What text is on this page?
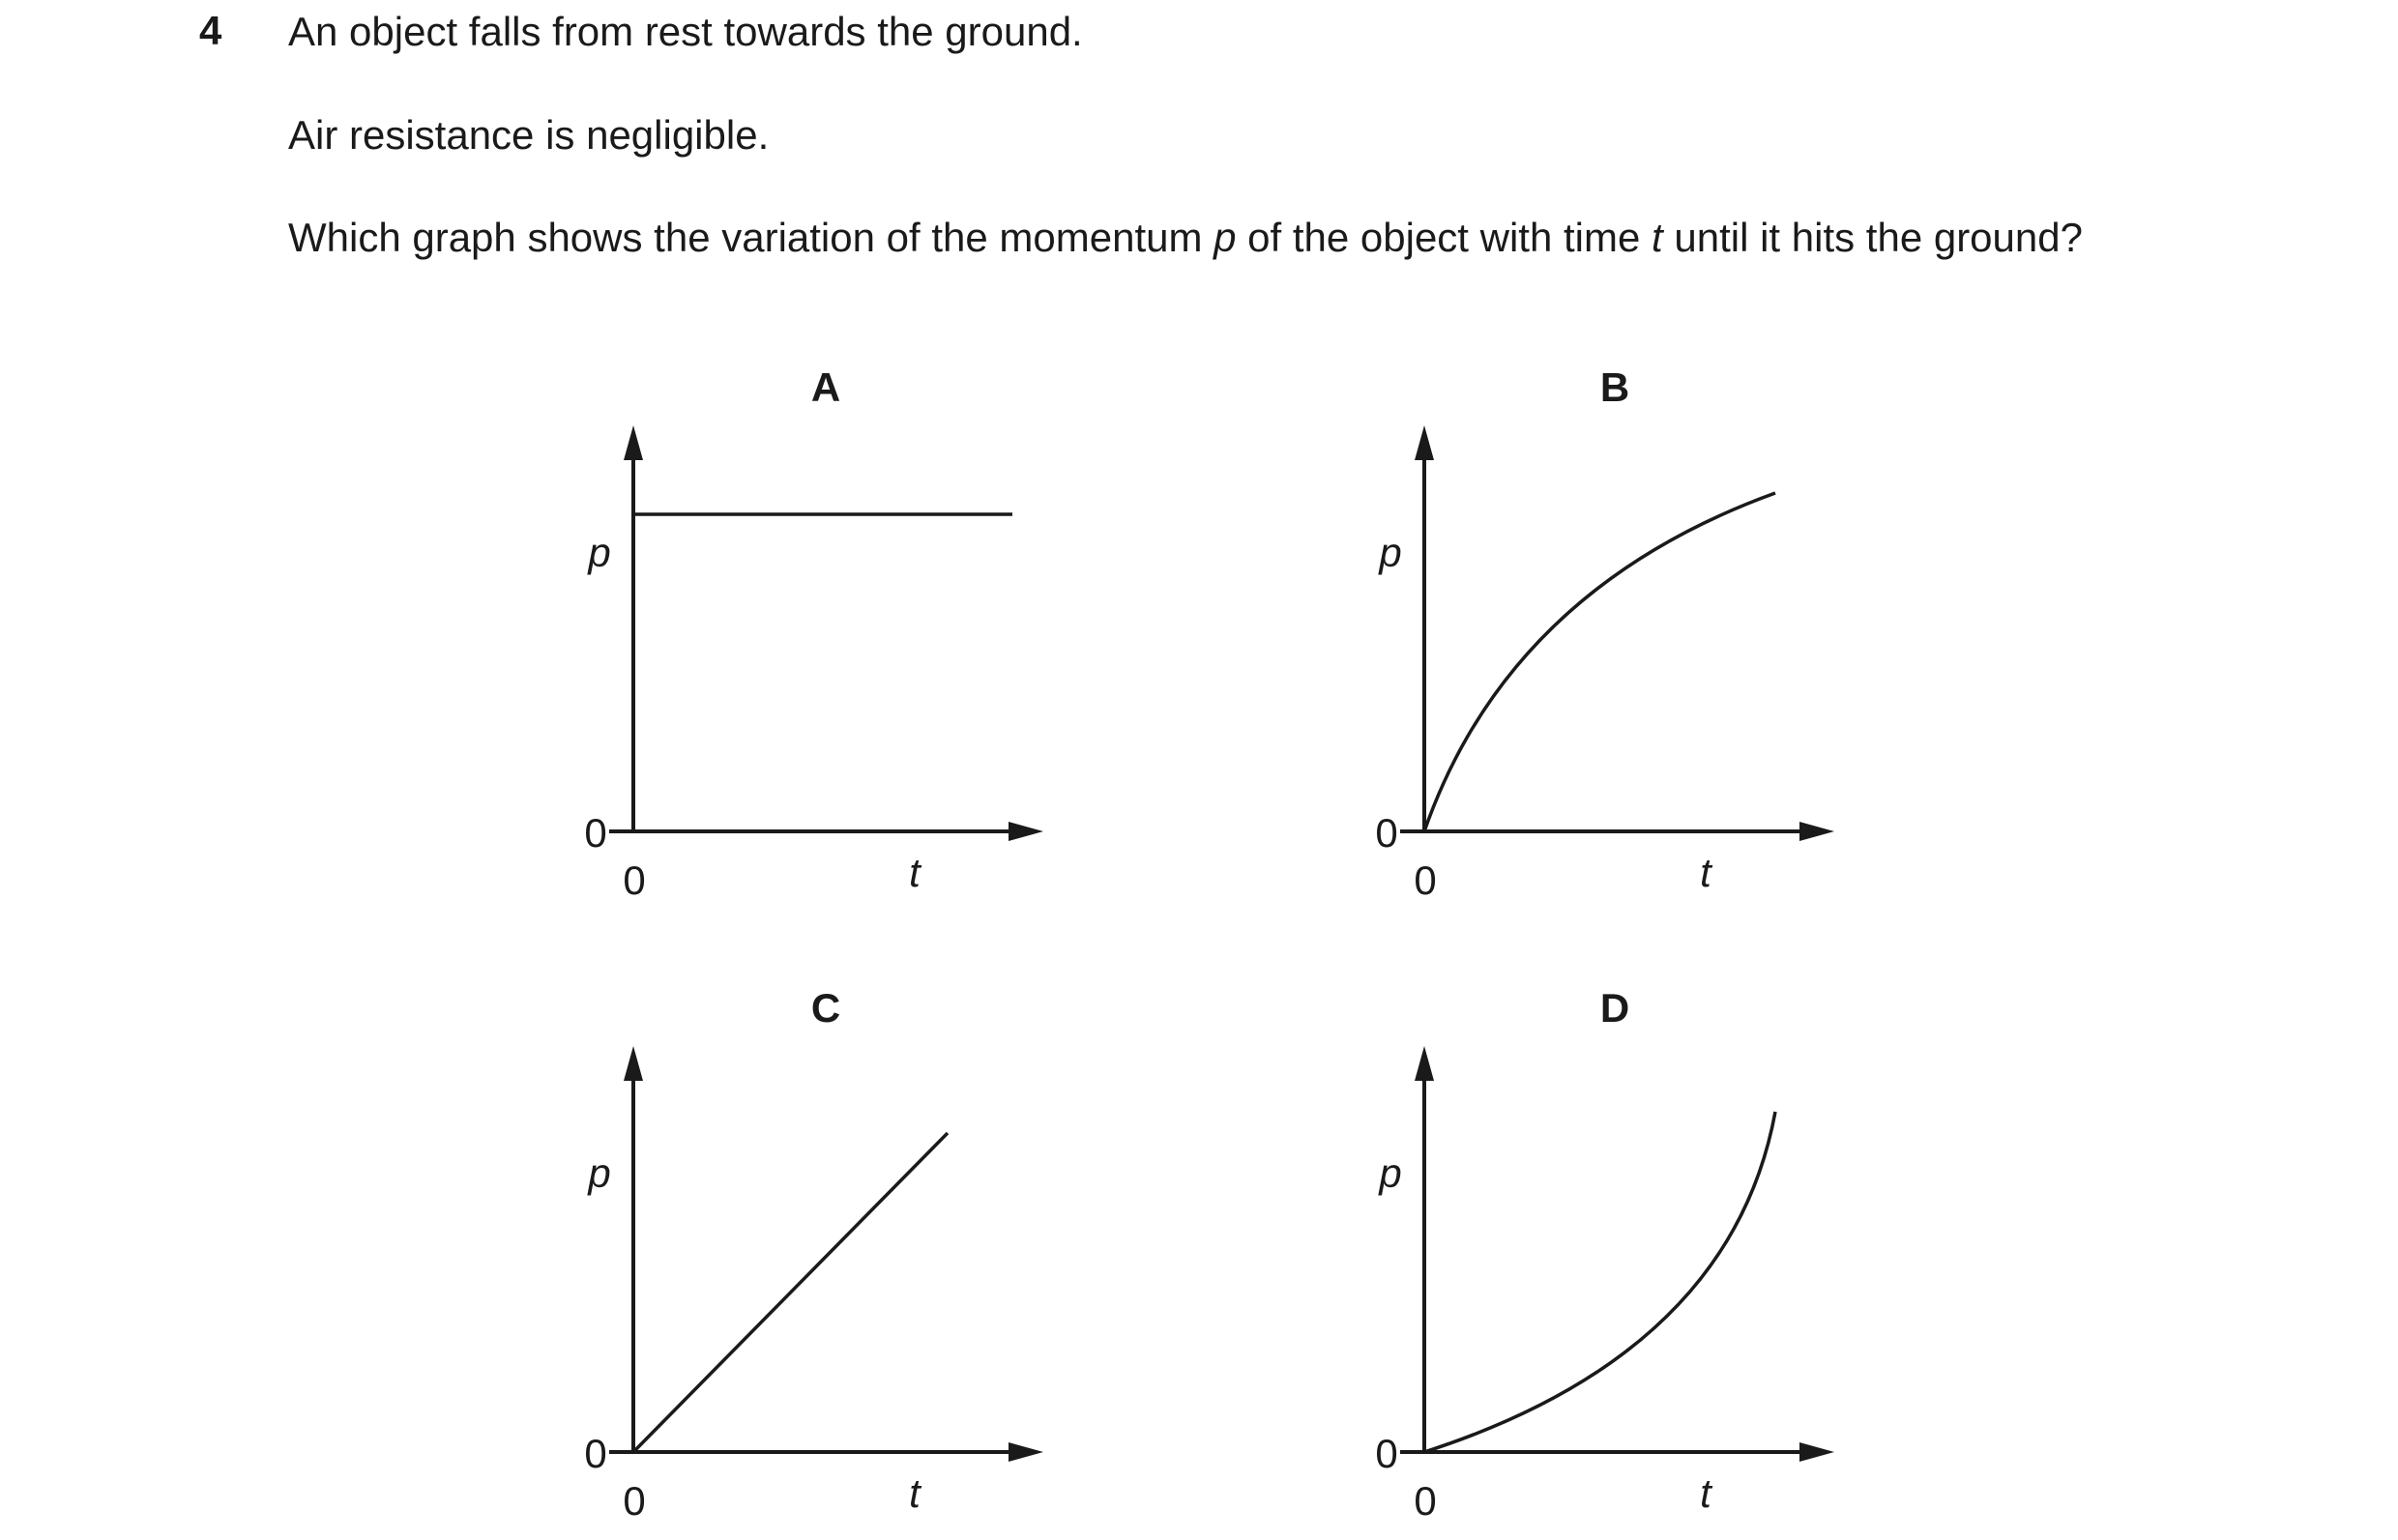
4 An object falls from rest towards the ground.
Air resistance is negligible.
Which graph shows the variation of the momentum p of the object with time t until it hits the ground?
A
p
0
0	t
B
p
0
0	t
C
p
0
0	t
D
p
0
0	t
